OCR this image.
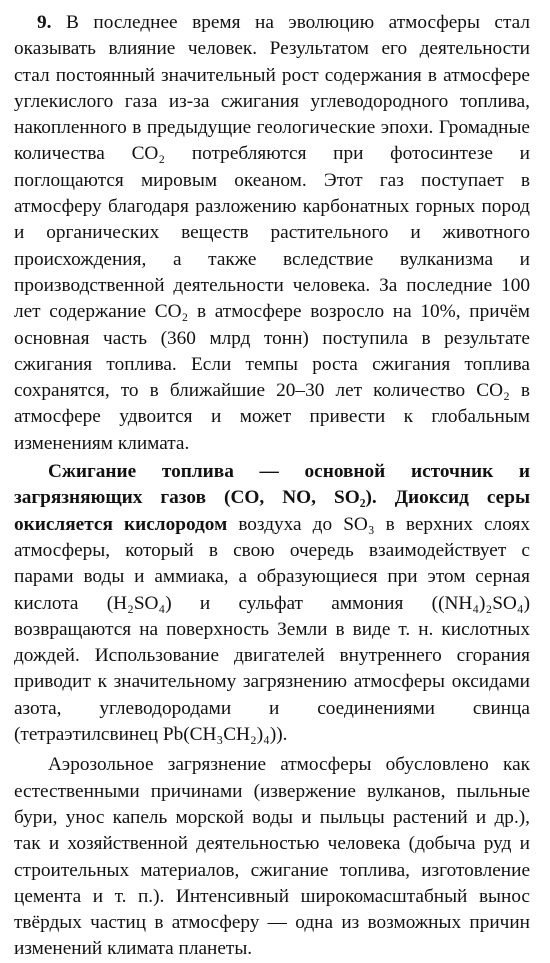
9. В последнее время на эволюцию атмосферы стал оказывать влияние человек. Результатом его деятельности стал постоянный значительный рост содержания в атмосфере углекислого газа из-за сжигания углеводородного топлива, накопленного в предыдущие геологические эпохи. Громадные количества CO₂ потребляются при фотосинтезе и поглощаются мировым океаном. Этот газ поступает в атмосферу благодаря разложению карбонатных горных пород и органических веществ растительного и животного происхождения, а также вследствие вулканизма и производственной деятельности человека. За последние 100 лет содержание CO₂ в атмосфере возросло на 10%, причём основная часть (360 млрд тонн) поступила в результате сжигания топлива. Если темпы роста сжигания топлива сохранятся, то в ближайшие 20–30 лет количество CO₂ в атмосфере удвоится и может привести к глобальным изменениям климата.

Сжигание топлива — основной источник и загрязняющих газов (CO, NO, SO₂). Диоксид серы окисляется кислородом воздуха до SO₃ в верхних слоях атмосферы, который в свою очередь взаимодействует с парами воды и аммиака, а образующиеся при этом серная кислота (H₂SO₄) и сульфат аммония ((NH₄)₂SO₄) возвращаются на поверхность Земли в виде т. н. кислотных дождей. Использование двигателей внутреннего сгорания приводит к значительному загрязнению атмосферы оксидами азота, углеводородами и соединениями свинца (тетраэтилсвинец Pb(CH₃CH₂)₄)).

Аэрозольное загрязнение атмосферы обусловлено как естественными причинами (извержение вулканов, пыльные бури, унос капель морской воды и пыльцы растений и др.), так и хозяйственной деятельностью человека (добыча руд и строительных материалов, сжигание топлива, изготовление цемента и т. п.). Интенсивный широкомасштабный вынос твёрдых частиц в атмосферу — одна из возможных причин изменений климата планеты.
